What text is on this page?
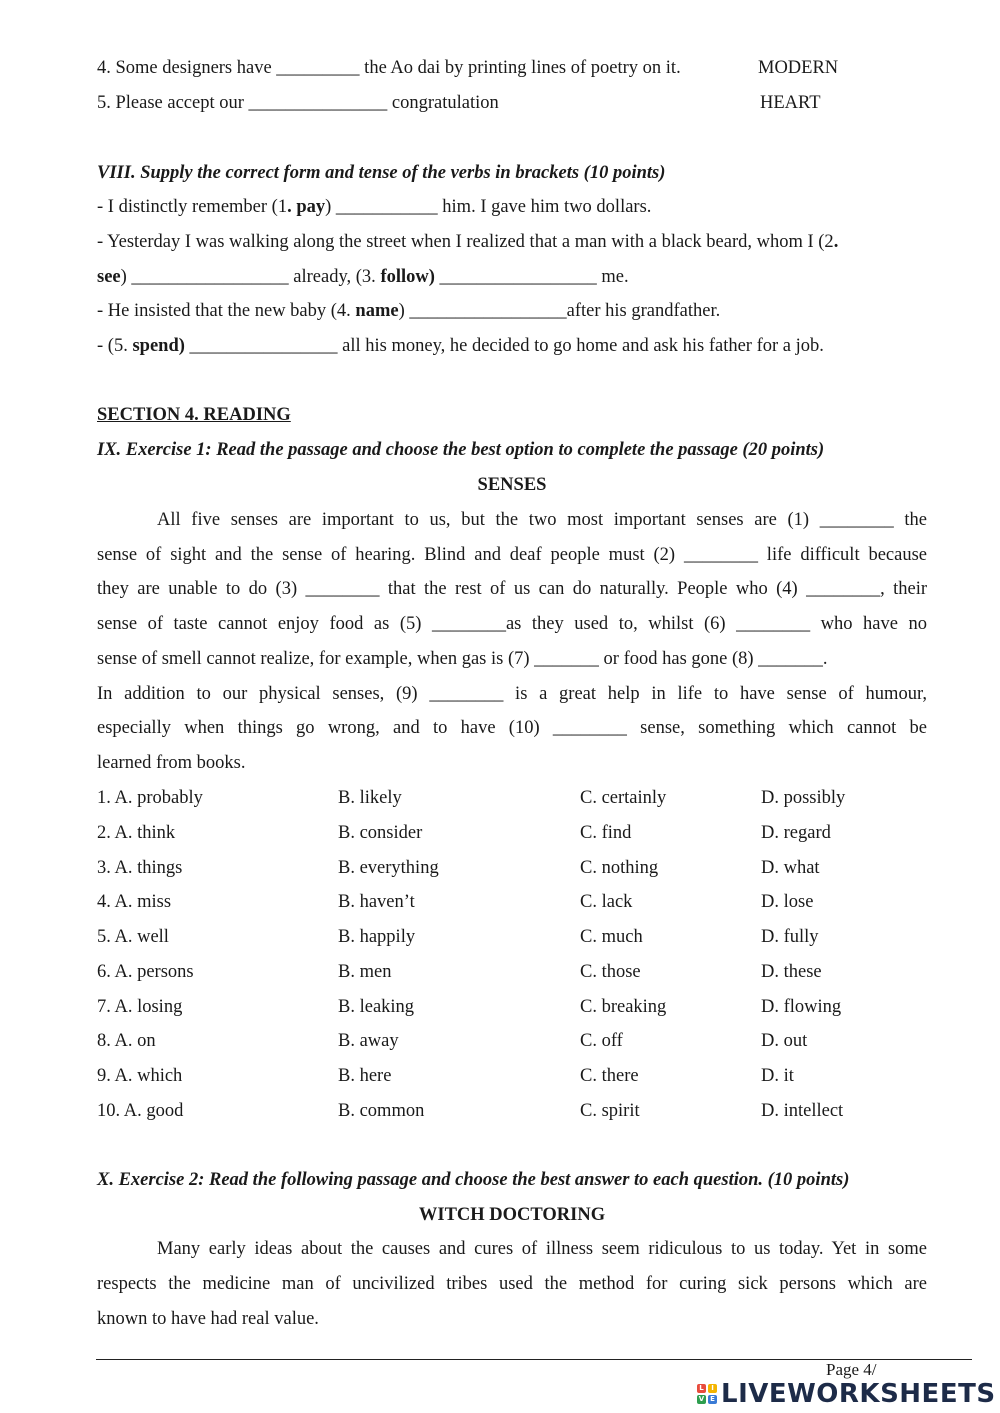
4. Some designers have _________ the Ao dai by printing lines of poetry on it.	MODERN
5. Please accept our _______________ congratulation	HEART
VIII. Supply the correct form and tense of the verbs in brackets (10 points)
- I distinctly remember (1. pay) ___________ him. I gave him two dollars.
- Yesterday I was walking along the street when I realized that a man with a black beard, whom I (2.
see) _________________ already, (3. follow) _________________ me.
- He insisted that the new baby (4. name) _________________after his grandfather.
- (5. spend) ________________ all his money, he decided to go home and ask his father for a job.
SECTION 4. READING
IX. Exercise 1: Read the passage and choose the best option to complete the passage (20 points)
SENSES
All five senses are important to us, but the two most important senses are (1) ________ the
sense of sight and the sense of hearing. Blind and deaf people must (2) ________ life difficult because
they are unable to do (3) ________ that the rest of us can do naturally. People who (4) ________, their
sense of taste cannot enjoy food as (5) ________as they used to, whilst (6) ________ who have no
sense of smell cannot realize, for example, when gas is (7) _______ or food has gone (8) _______.
In addition to our physical senses, (9) ________ is a great help in life to have sense of humour,
especially when things go wrong, and to have (10) ________ sense, something which cannot be
learned from books.
1. A. probably	B. likely	C. certainly	D. possibly
2. A. think	B. consider	C. find	D. regard
3. A. things	B. everything	C. nothing	D. what
4. A. miss	B. haven’t	C. lack	D. lose
5. A. well	B. happily	C. much	D. fully
6. A. persons	B. men	C. those	D. these
7. A. losing	B. leaking	C. breaking	D. flowing
8. A. on	B. away	C. off	D. out
9. A. which	B. here	C. there	D. it
10. A. good	B. common	C. spirit	D. intellect
X. Exercise 2: Read the following passage and choose the best answer to each question. (10 points)
WITCH DOCTORING
Many early ideas about the causes and cures of illness seem ridiculous to us today. Yet in some
respects the medicine man of uncivilized tribes used the method for curing sick persons which are
known to have had real value.
Page 4/
L	I
V E LIVEWORKSHEETS
